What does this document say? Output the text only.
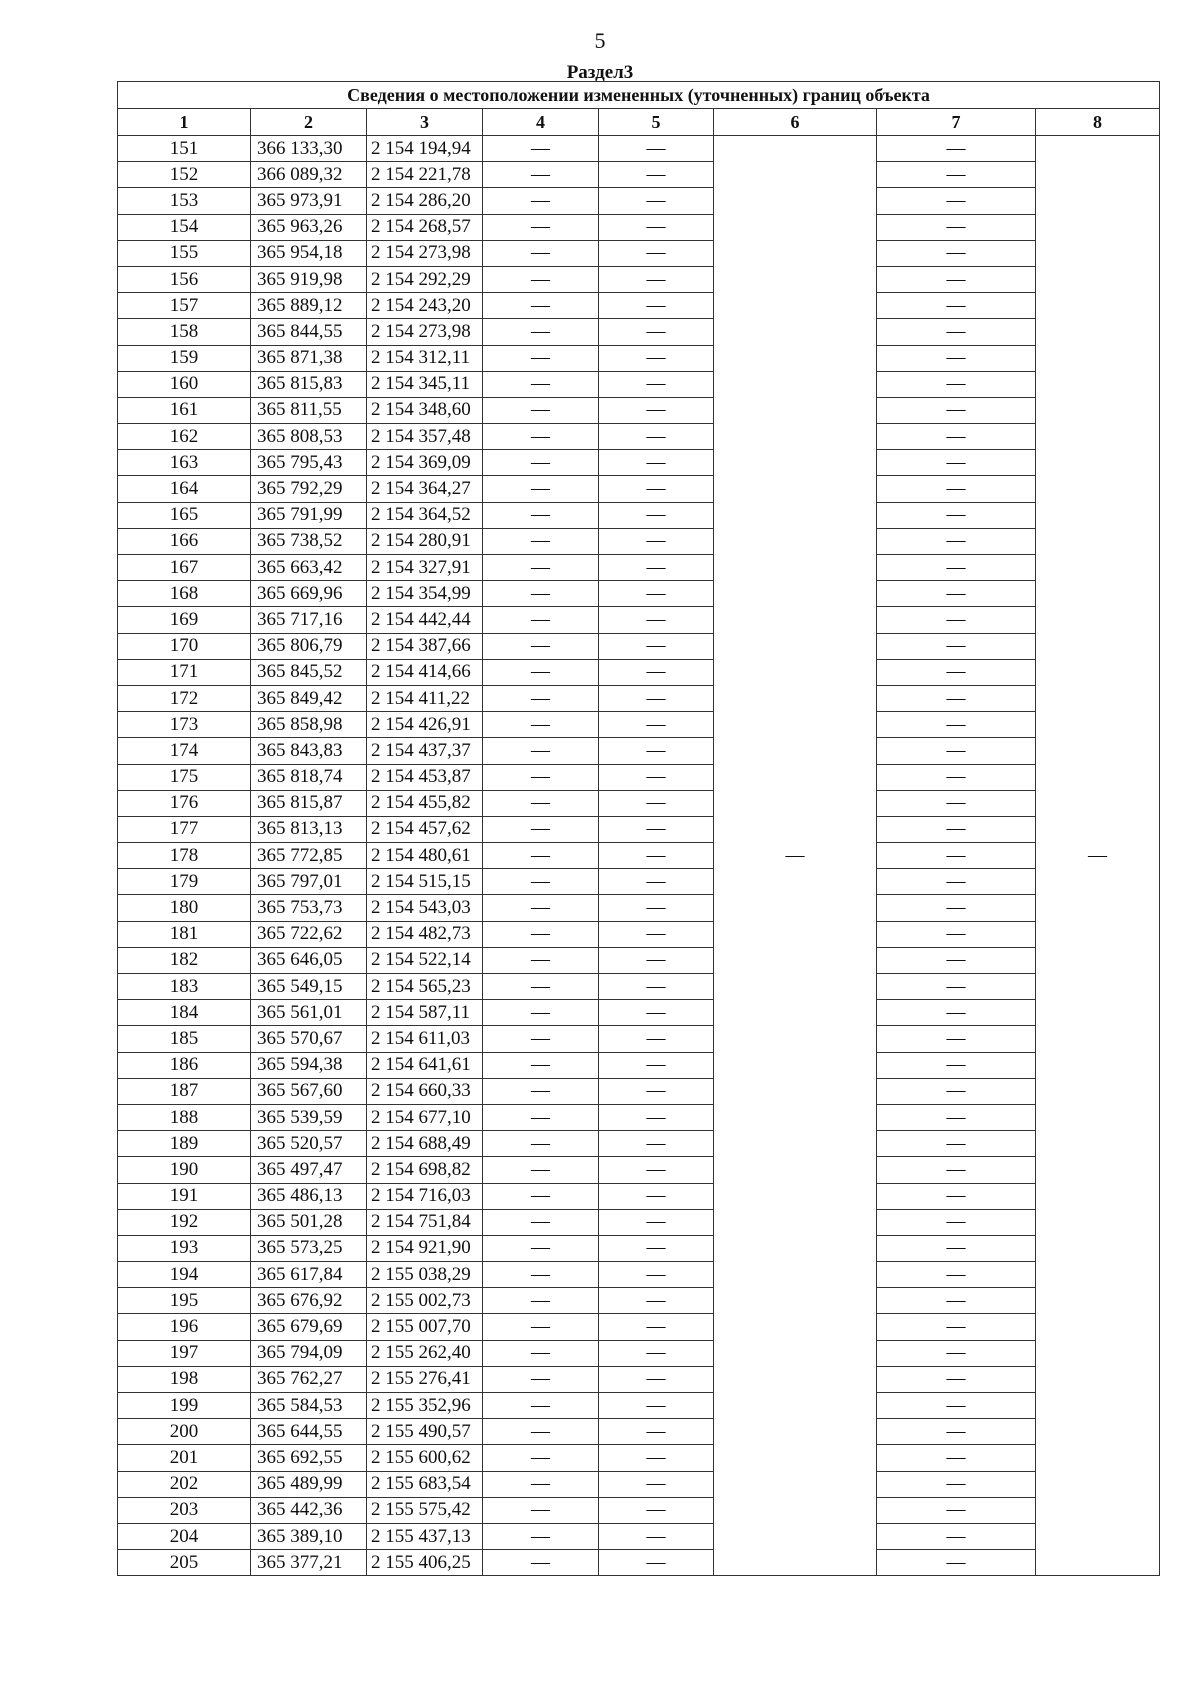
5
Раздел3
Сведения о местоположении измененных (уточненных) границ объекта							
1	2	3	4	5	6	7	8
151	366 133,30	2 154 194,94	—	—	—	—	—
152	366 089,32	2 154 221,78	—	—		—	
153	365 973,91	2 154 286,20	—	—		—	
154	365 963,26	2 154 268,57	—	—		—	
155	365 954,18	2 154 273,98	—	—		—	
156	365 919,98	2 154 292,29	—	—		—	
157	365 889,12	2 154 243,20	—	—		—	
158	365 844,55	2 154 273,98	—	—		—	
159	365 871,38	2 154 312,11	—	—		—	
160	365 815,83	2 154 345,11	—	—		—	
161	365 811,55	2 154 348,60	—	—		—	
162	365 808,53	2 154 357,48	—	—		—	
163	365 795,43	2 154 369,09	—	—		—	
164	365 792,29	2 154 364,27	—	—		—	
165	365 791,99	2 154 364,52	—	—		—	
166	365 738,52	2 154 280,91	—	—		—	
167	365 663,42	2 154 327,91	—	—		—	
168	365 669,96	2 154 354,99	—	—		—	
169	365 717,16	2 154 442,44	—	—		—	
170	365 806,79	2 154 387,66	—	—		—	
171	365 845,52	2 154 414,66	—	—		—	
172	365 849,42	2 154 411,22	—	—		—	
173	365 858,98	2 154 426,91	—	—		—	
174	365 843,83	2 154 437,37	—	—		—	
175	365 818,74	2 154 453,87	—	—		—	
176	365 815,87	2 154 455,82	—	—		—	
177	365 813,13	2 154 457,62	—	—		—	
178	365 772,85	2 154 480,61	—	—		—	
179	365 797,01	2 154 515,15	—	—		—	
180	365 753,73	2 154 543,03	—	—		—	
181	365 722,62	2 154 482,73	—	—		—	
182	365 646,05	2 154 522,14	—	—		—	
183	365 549,15	2 154 565,23	—	—		—	
184	365 561,01	2 154 587,11	—	—		—	
185	365 570,67	2 154 611,03	—	—		—	
186	365 594,38	2 154 641,61	—	—		—	
187	365 567,60	2 154 660,33	—	—		—	
188	365 539,59	2 154 677,10	—	—		—	
189	365 520,57	2 154 688,49	—	—		—	
190	365 497,47	2 154 698,82	—	—		—	
191	365 486,13	2 154 716,03	—	—		—	
192	365 501,28	2 154 751,84	—	—		—	
193	365 573,25	2 154 921,90	—	—		—	
194	365 617,84	2 155 038,29	—	—		—	
195	365 676,92	2 155 002,73	—	—		—	
196	365 679,69	2 155 007,70	—	—		—	
197	365 794,09	2 155 262,40	—	—		—	
198	365 762,27	2 155 276,41	—	—		—	
199	365 584,53	2 155 352,96	—	—		—	
200	365 644,55	2 155 490,57	—	—		—	
201	365 692,55	2 155 600,62	—	—		—	
202	365 489,99	2 155 683,54	—	—		—	
203	365 442,36	2 155 575,42	—	—		—	
204	365 389,10	2 155 437,13	—	—		—	
205	365 377,21	2 155 406,25	—	—		—	
